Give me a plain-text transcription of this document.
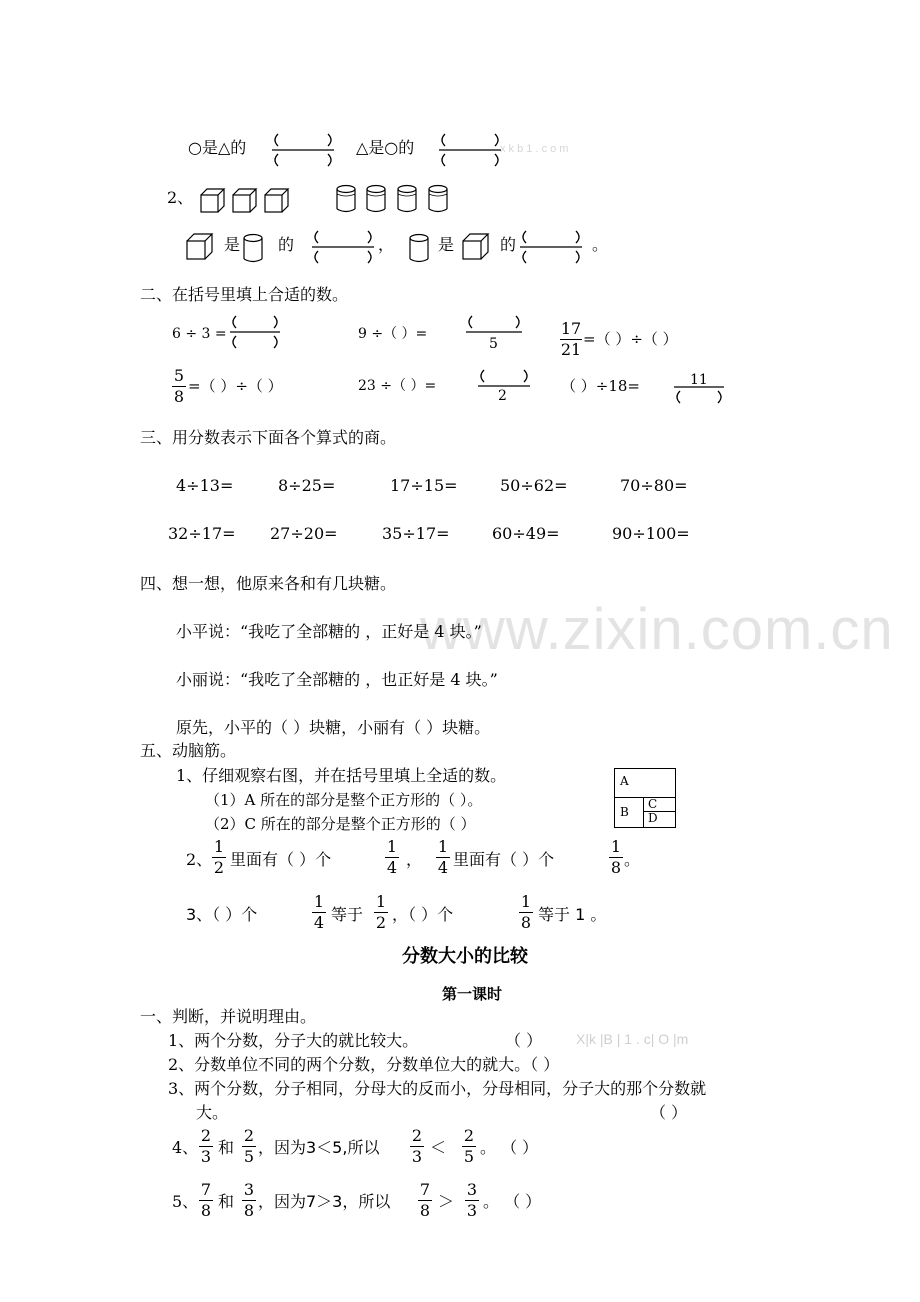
x k b 1 . c o m
www.zixin.com.cn
X|k |B | 1 . c| O |m
○是△的	△是○的
2、
是 的	，	是	的	。
二、在括号里填上合适的数。
6 ÷ 3 =	9 ÷（ ）=
5
17
21
=（ ）÷（ ）
5
8
=（ ）÷（ ）	23 ÷（ ）=
2
（ ）÷18=	11
三、用分数表示下面各个算式的商。
4÷13=	8÷25=	17÷15=	50÷62=	70÷80=
32÷17= 27÷20=	35÷17=	60÷49=	90÷100=
四、想一想，他原来各和有几块糖。
小平说：“我吃了全部糖的 ，正好是 4 块。”
小丽说：“我吃了全部糖的 ，也正好是 4 块。”
原先，小平的（ ）块糖，小丽有（ ）块糖。
五、动脑筋。
1、仔细观察右图，并在括号里填上全适的数。
（1）A 所在的部分是整个正方形的（ ）。
（2）C 所在的部分是整个正方形的（ ）
A
B
C
D
2、
1
2 里面有（ ）个
1
4 ，
1
4 里面有（ ）个
1
8 。
3、（ ）个
1
4 等于
1
2 ，（ ）个
1
8 等于 1 。
分数大小的比较
第一课时
一、判断，并说明理由。
1、两个分数，分子大的就比较大。	（ ）
2、分数单位不同的两个分数，分数单位大的就大。（ ）
3、两个分数，分子相同，分母大的反而小，分母相同，分子大的那个分数就
大。	（ ）
4、
2
3 和
2
5 ，因为3＜5,所以
2
3 ＜
2
5 。 （ ）
5、
7
8 和
3
8 ，因为7＞3，所以
7
8 ＞
3
3 。 （ ）
